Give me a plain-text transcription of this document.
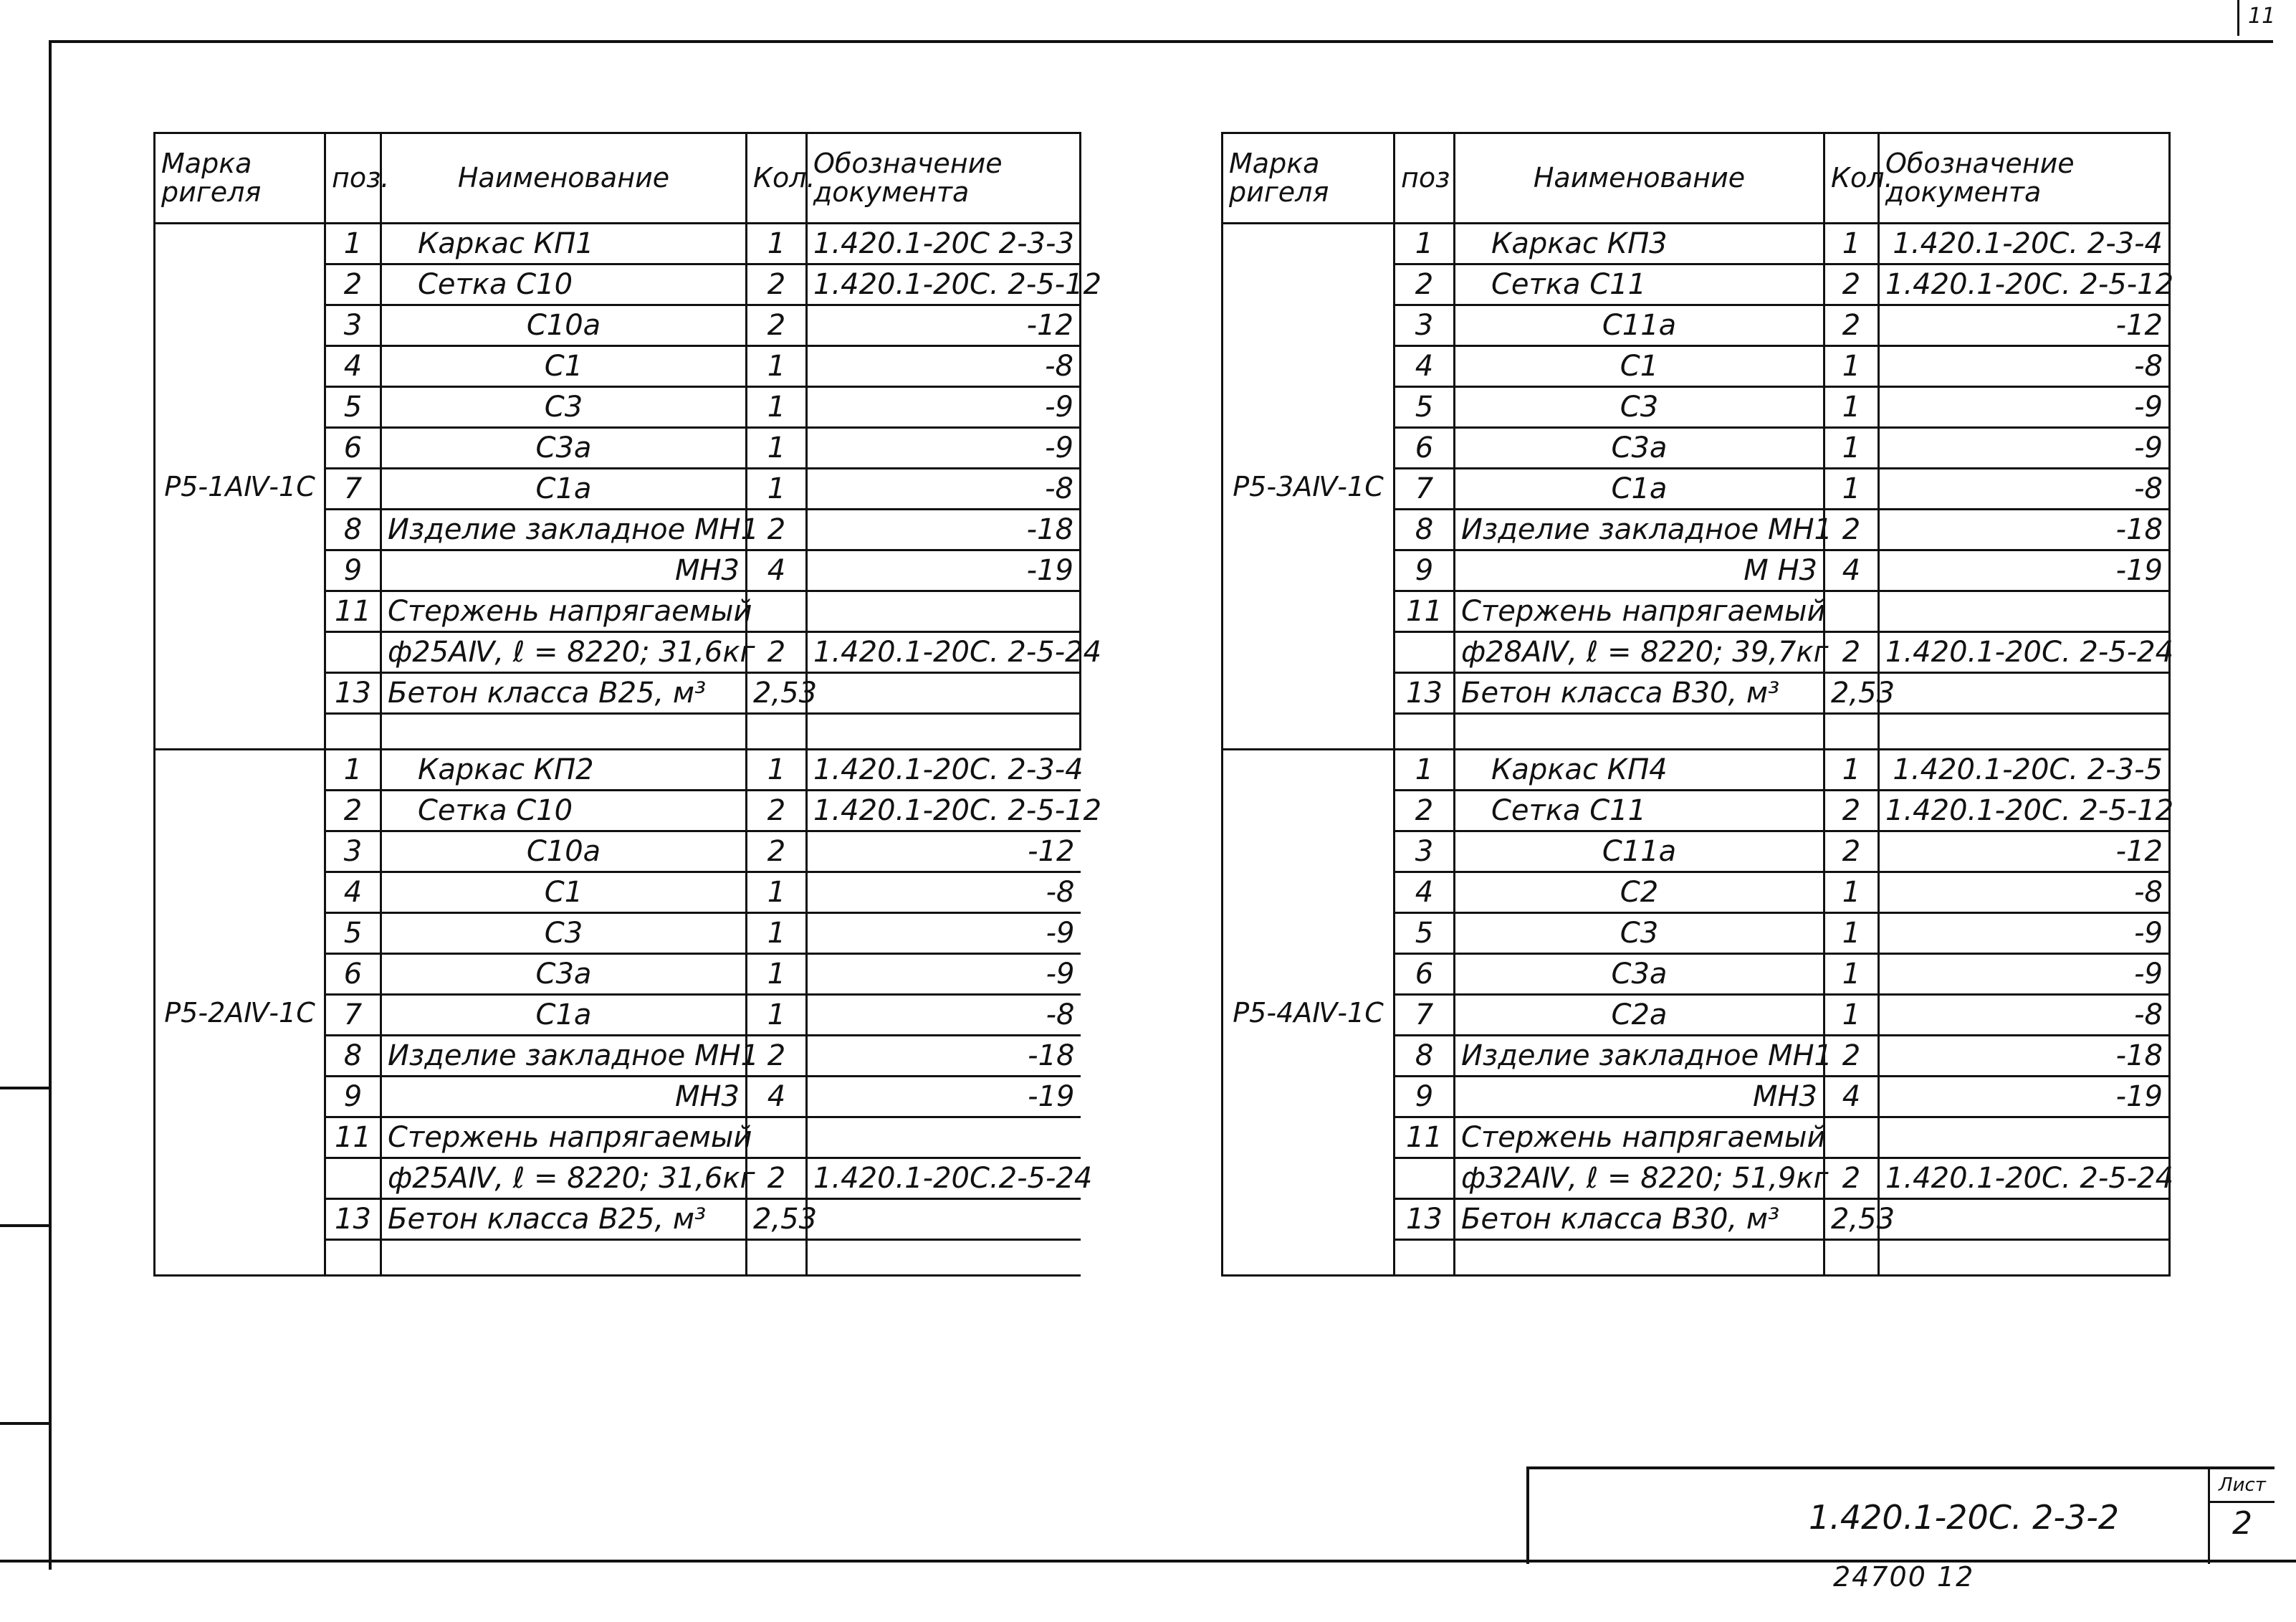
11
Марка
ригеля	поз.	Наименование	Кол.	Обозначение
документа

Р5-1АⅣ-1С	1	Каркас КП1	1	1.420.1-20С 2-3-3
	2	Сетка С10	2	1.420.1-20С. 2-5-12
	3	С10а	2	-12
	4	С1	1	-8
	5	С3	1	-9
	6	С3а	1	-9
	7	С1а	1	-8
	8	Изделие закладное МН1	2	-18
	9	МН3	4	-19
	11	Стержень напрягаемый		
		ф25АⅣ, ℓ = 8220; 31,6кг	2	1.420.1-20С. 2-5-24
	13	Бетон класса В25, м³	2,53	

Р5-2АⅣ-1С	1	Каркас КП2	1	1.420.1-20С. 2-3-4
	2	Сетка С10	2	1.420.1-20С. 2-5-12
	3	С10а	2	-12
	4	С1	1	-8
	5	С3	1	-9
	6	С3а	1	-9
	7	С1а	1	-8
	8	Изделие закладное МН1	2	-18
	9	МН3	4	-19
	11	Стержень напрягаемый		
		ф25АⅣ, ℓ = 8220; 31,6кг	2	1.420.1-20С.2-5-24
	13	Бетон класса В25, м³	2,53	

Марка
ригеля	поз	Наименование	Кол.	Обозначение
документа

Р5-3АⅣ-1С	1	Каркас КП3	1	1.420.1-20С. 2-3-4
	2	Сетка С11	2	1.420.1-20С. 2-5-12
	3	С11а	2	-12
	4	С1	1	-8
	5	С3	1	-9
	6	С3а	1	-9
	7	С1а	1	-8
	8	Изделие закладное МН1	2	-18
	9	М Н3	4	-19
	11	Стержень напрягаемый		
		ф28АⅣ, ℓ = 8220; 39,7кг	2	1.420.1-20С. 2-5-24
	13	Бетон класса В30, м³	2,53	

Р5-4АⅣ-1С	1	Каркас КП4	1	1.420.1-20С. 2-3-5
	2	Сетка С11	2	1.420.1-20С. 2-5-12
	3	С11а	2	-12
	4	С2	1	-8
	5	С3	1	-9
	6	С3а	1	-9
	7	С2а	1	-8
	8	Изделие закладное МН1	2	-18
	9	МН3	4	-19
	11	Стержень напрягаемый		
		ф32АⅣ, ℓ = 8220; 51,9кг	2	1.420.1-20С. 2-5-24
	13	Бетон класса В30, м³	2,53	

1.420.1-20С. 2-3-2
Лист
2
24700 12
